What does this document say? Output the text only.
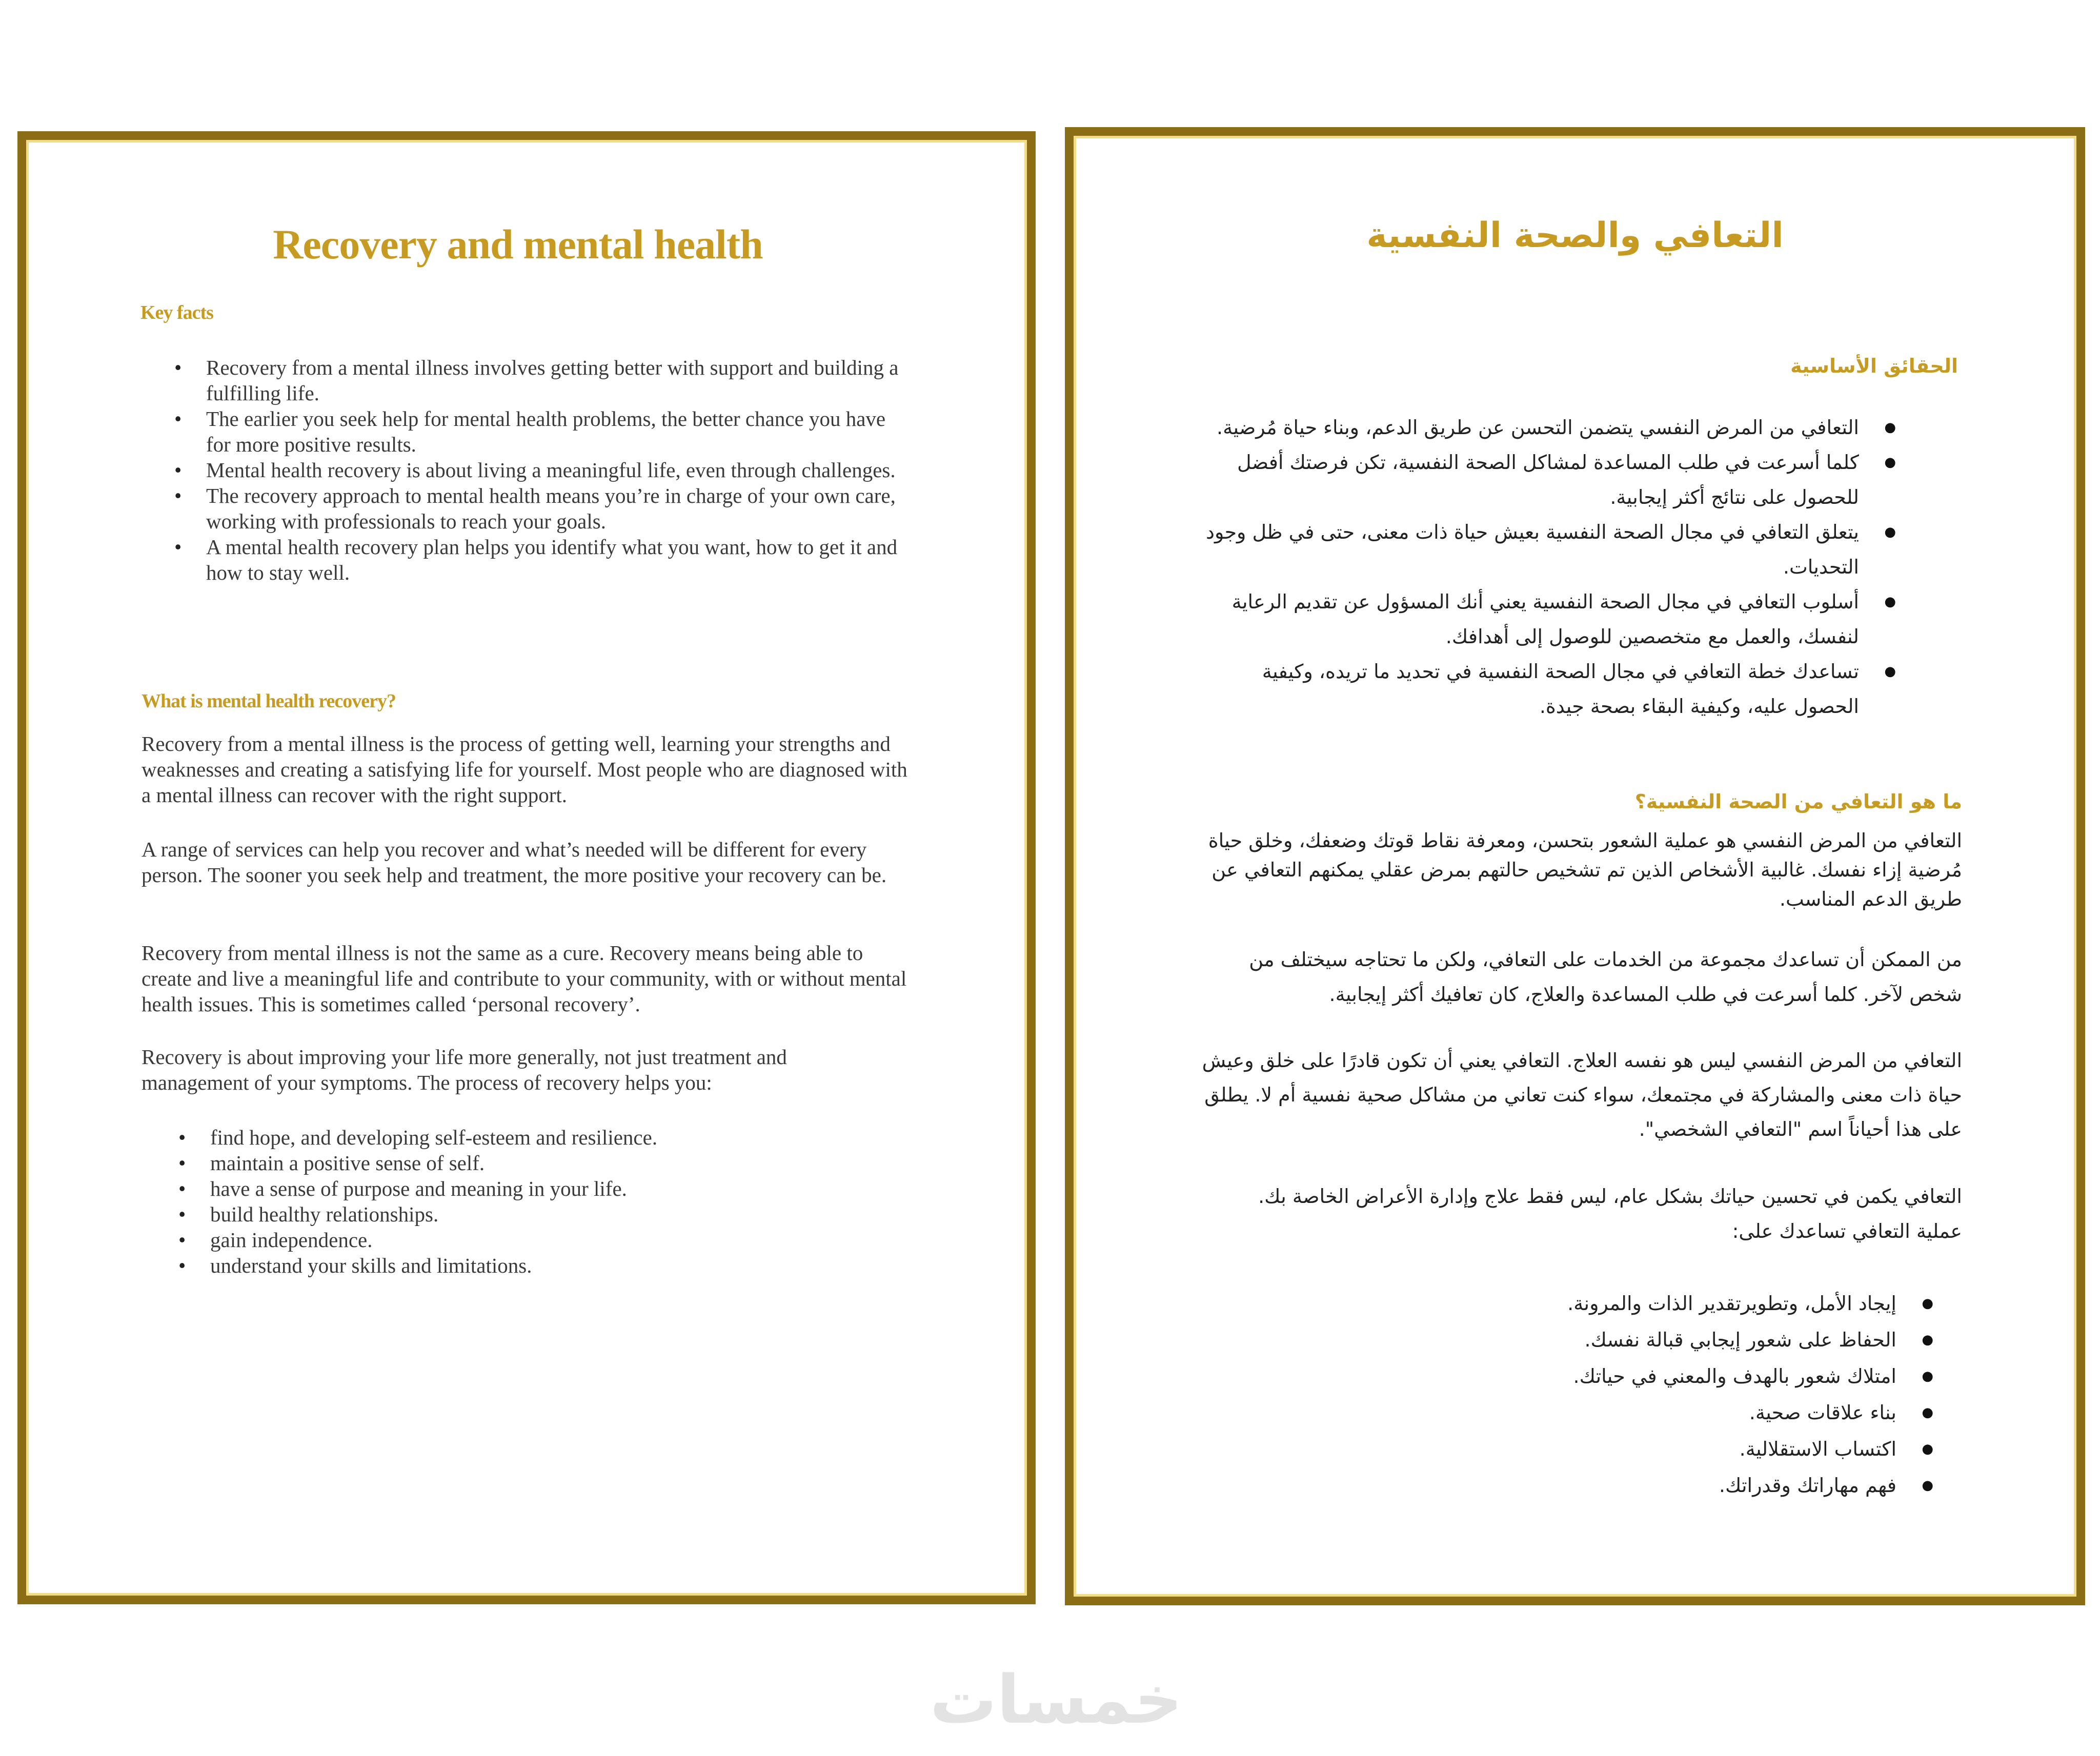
Recovery and mental health
Key facts
• Recovery from a mental illness involves getting better with support and building a fulfilling life.
• The earlier you seek help for mental health problems, the better chance you have for more positive results.
• Mental health recovery is about living a meaningful life, even through challenges.
• The recovery approach to mental health means you’re in charge of your own care, working with professionals to reach your goals.
• A mental health recovery plan helps you identify what you want, how to get it and how to stay well.
What is mental health recovery?
Recovery from a mental illness is the process of getting well, learning your strengths and weaknesses and creating a satisfying life for yourself. Most people who are diagnosed with a mental illness can recover with the right support.
A range of services can help you recover and what’s needed will be different for every person. The sooner you seek help and treatment, the more positive your recovery can be.
Recovery from mental illness is not the same as a cure. Recovery means being able to create and live a meaningful life and contribute to your community, with or without mental health issues. This is sometimes called ‘personal recovery’.
Recovery is about improving your life more generally, not just treatment and management of your symptoms. The process of recovery helps you:
• find hope, and developing self-esteem and resilience.
• maintain a positive sense of self.
• have a sense of purpose and meaning in your life.
• build healthy relationships.
• gain independence.
• understand your skills and limitations.
التعافي والصحة النفسية
الحقائق الأساسية
● التعافي من المرض النفسي يتضمن التحسن عن طريق الدعم، وبناء حياة مُرضية.
● كلما أسرعت في طلب المساعدة لمشاكل الصحة النفسية، تكن فرصتك أفضل للحصول على نتائج أكثر إيجابية.
● يتعلق التعافي في مجال الصحة النفسية بعيش حياة ذات معنى، حتى في ظل وجود التحديات.
● أسلوب التعافي في مجال الصحة النفسية يعني أنك المسؤول عن تقديم الرعاية لنفسك، والعمل مع متخصصين للوصول إلى أهدافك.
● تساعدك خطة التعافي في مجال الصحة النفسية في تحديد ما تريده، وكيفية الحصول عليه، وكيفية البقاء بصحة جيدة.
ما هو التعافي من الصحة النفسية؟
التعافي من المرض النفسي هو عملية الشعور بتحسن، ومعرفة نقاط قوتك وضعفك، وخلق حياة مُرضية إزاء نفسك. غالبية الأشخاص الذين تم تشخيص حالتهم بمرض عقلي يمكنهم التعافي عن طريق الدعم المناسب.
من الممكن أن تساعدك مجموعة من الخدمات على التعافي، ولكن ما تحتاجه سيختلف من شخص لآخر. كلما أسرعت في طلب المساعدة والعلاج، كان تعافيك أكثر إيجابية.
التعافي من المرض النفسي ليس هو نفسه العلاج. التعافي يعني أن تكون قادرًا على خلق وعيش حياة ذات معنى والمشاركة في مجتمعك، سواء كنت تعاني من مشاكل صحية نفسية أم لا. يطلق على هذا أحياناً اسم "التعافي الشخصي".
التعافي يكمن في تحسين حياتك بشكل عام، ليس فقط علاج وإدارة الأعراض الخاصة بك. عملية التعافي تساعدك على:
● إيجاد الأمل، وتطويرتقدير الذات والمرونة.
● الحفاظ على شعور إيجابي قبالة نفسك.
● امتلاك شعور بالهدف والمعني في حياتك.
● بناء علاقات صحية.
● اكتساب الاستقلالية.
● فهم مهاراتك وقدراتك.
خمسات
